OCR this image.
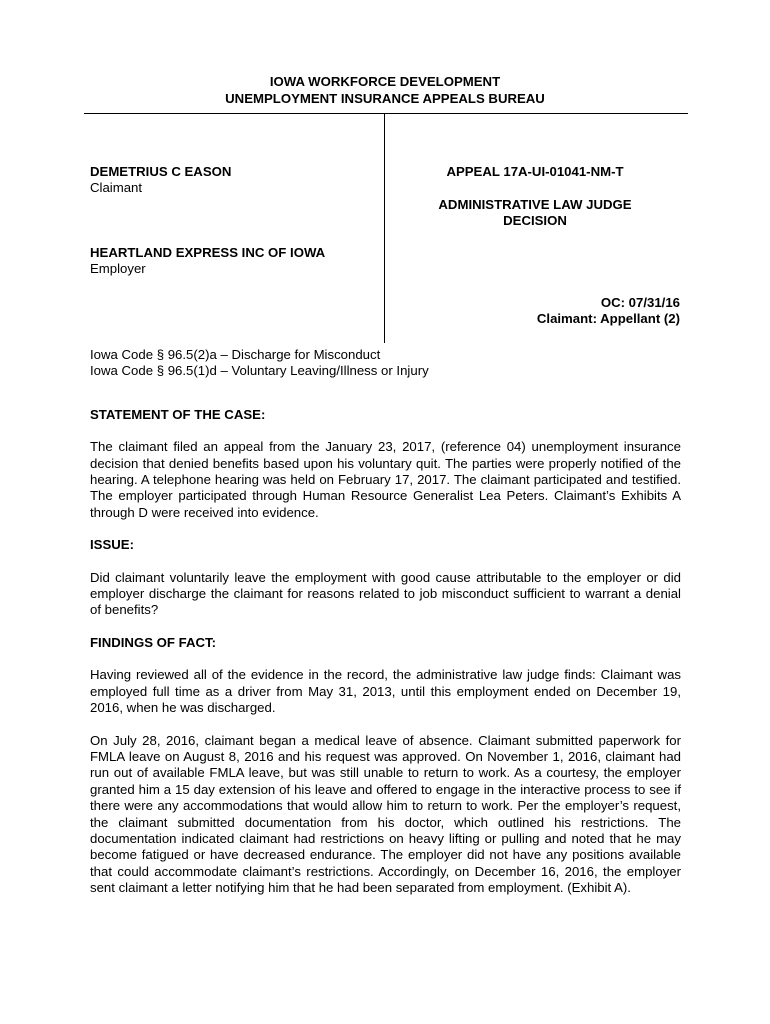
IOWA WORKFORCE DEVELOPMENT
UNEMPLOYMENT INSURANCE APPEALS BUREAU
DEMETRIUS C EASON
Claimant
HEARTLAND EXPRESS INC OF IOWA
Employer
APPEAL 17A-UI-01041-NM-T
ADMINISTRATIVE LAW JUDGE
DECISION
OC: 07/31/16
Claimant: Appellant (2)
Iowa Code § 96.5(2)a – Discharge for Misconduct
Iowa Code § 96.5(1)d – Voluntary Leaving/Illness or Injury
STATEMENT OF THE CASE:

The claimant filed an appeal from the January 23, 2017, (reference 04) unemployment insurance decision that denied benefits based upon his voluntary quit. The parties were properly notified of the hearing. A telephone hearing was held on February 17, 2017. The claimant participated and testified. The employer participated through Human Resource Generalist Lea Peters. Claimant’s Exhibits A through D were received into evidence.

ISSUE:

Did claimant voluntarily leave the employment with good cause attributable to the employer or did employer discharge the claimant for reasons related to job misconduct sufficient to warrant a denial of benefits?

FINDINGS OF FACT:

Having reviewed all of the evidence in the record, the administrative law judge finds: Claimant was employed full time as a driver from May 31, 2013, until this employment ended on December 19, 2016, when he was discharged.

On July 28, 2016, claimant began a medical leave of absence. Claimant submitted paperwork for FMLA leave on August 8, 2016 and his request was approved. On November 1, 2016, claimant had run out of available FMLA leave, but was still unable to return to work. As a courtesy, the employer granted him a 15 day extension of his leave and offered to engage in the interactive process to see if there were any accommodations that would allow him to return to work. Per the employer’s request, the claimant submitted documentation from his doctor, which outlined his restrictions. The documentation indicated claimant had restrictions on heavy lifting or pulling and noted that he may become fatigued or have decreased endurance. The employer did not have any positions available that could accommodate claimant’s restrictions. Accordingly, on December 16, 2016, the employer sent claimant a letter notifying him that he had been separated from employment. (Exhibit A).
